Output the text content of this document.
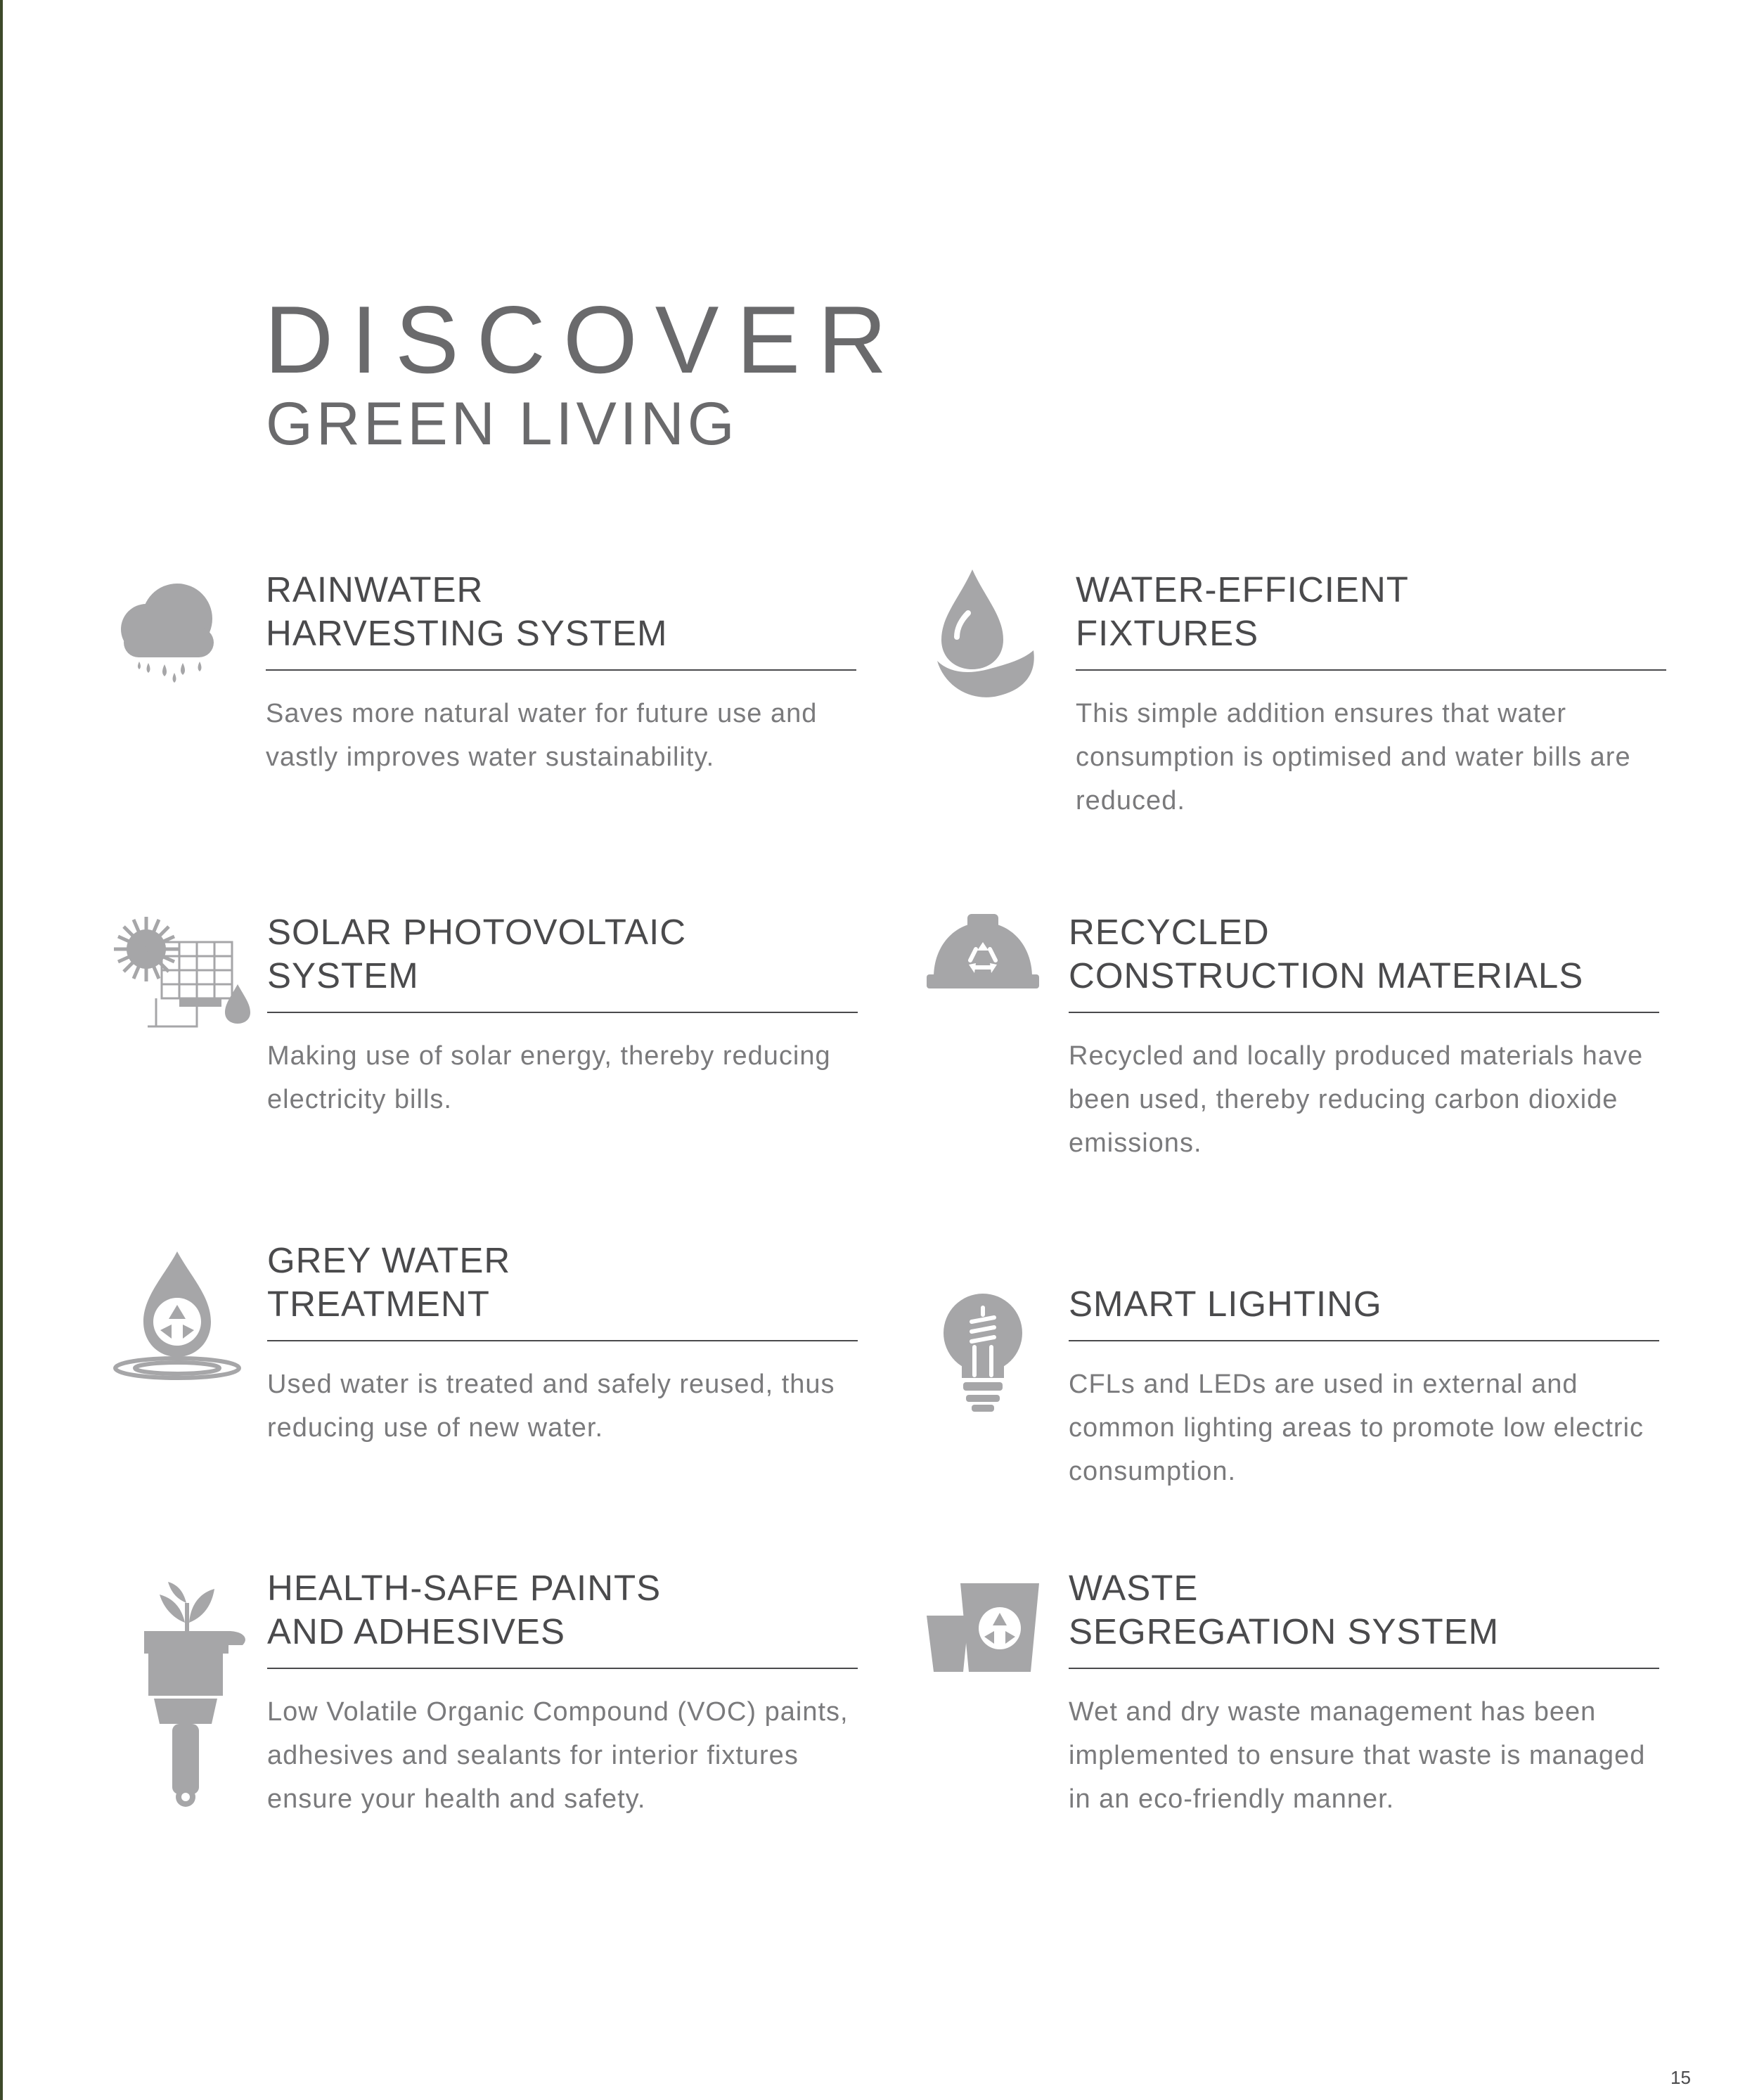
DISCOVER
GREEN LIVING
RAINWATER
HARVESTING SYSTEM
Saves more natural water for future use and vastly improves water sustainability.
WATER-EFFICIENT
FIXTURES
This simple addition ensures that water consumption is optimised and water bills are reduced.
SOLAR PHOTOVOLTAIC
SYSTEM
Making use of solar energy, thereby reducing electricity bills.
RECYCLED
CONSTRUCTION MATERIALS
Recycled and locally produced materials have been used, thereby reducing carbon dioxide emissions.
GREY WATER
TREATMENT
Used water is treated and safely reused, thus reducing use of new water.
SMART LIGHTING
CFLs and LEDs are used in external and common lighting areas to promote low electric consumption.
HEALTH-SAFE PAINTS
AND ADHESIVES
Low Volatile Organic Compound (VOC) paints, adhesives and sealants for interior fixtures ensure your health and safety.
WASTE
SEGREGATION SYSTEM
Wet and dry waste management has been implemented to ensure that waste is managed in an eco-friendly manner.
15
